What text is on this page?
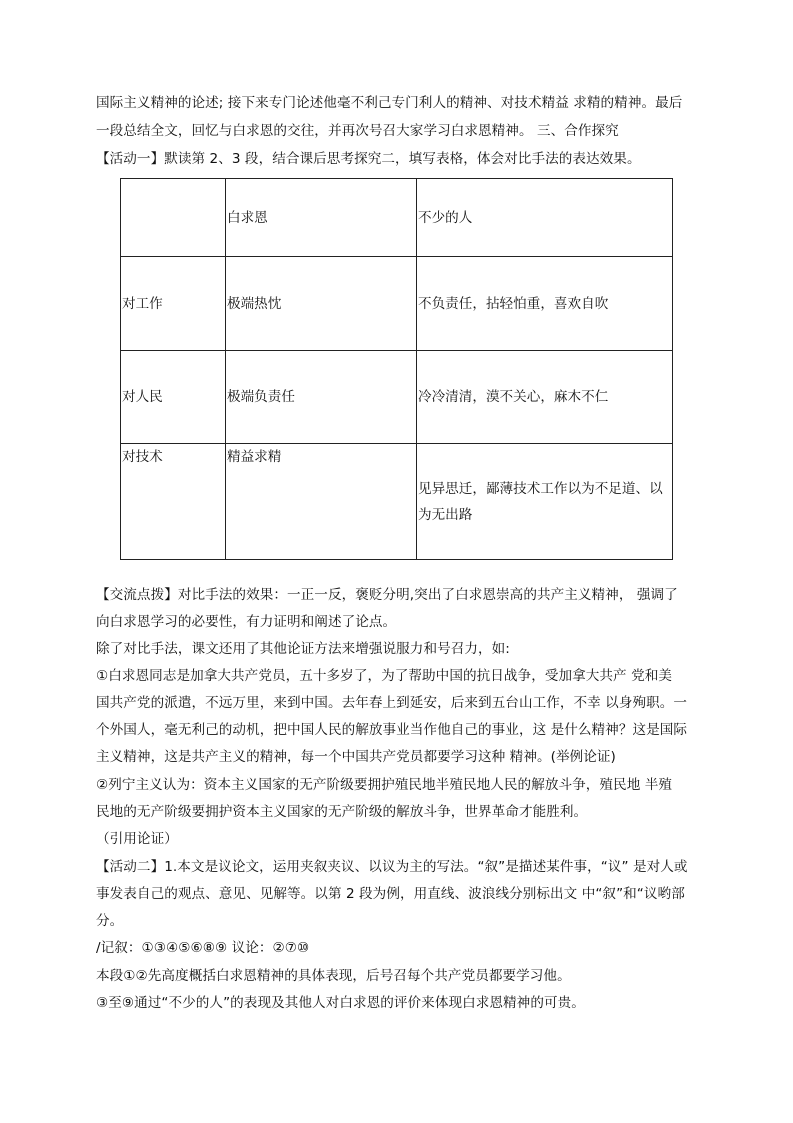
国际主义精神的论述; 接下来专门论述他毫不利己专门利人的精神、对技术精益 求精的精神。最后
一段总结全文，回忆与白求恩的交往，并再次号召大家学习白求恩精神。 三、合作探究
【活动一】默读第 2、3 段，结合课后思考探究二，填写表格，体会对比手法的表达效果。

	白求恩	不少的人

对工作	极端热忱	不负责任，拈轻怕重，喜欢自吹

对人民	极端负责任	冷冷清清，漠不关心，麻木不仁

对技术	精益求精	见异思迁，鄙薄技术工作以为不足道、以
为无出路
【交流点拨】对比手法的效果：一正一反，褒贬分明,突出了白求恩崇高的共产主义精神， 强调了
向白求恩学习的必要性，有力证明和阐述了论点。
除了对比手法，课文还用了其他论证方法来增强说服力和号召力，如:
①白求恩同志是加拿大共产党员，五十多岁了，为了帮助中国的抗日战争，受加拿大共产 党和美
国共产党的派遣，不远万里，来到中国。去年春上到延安，后来到五台山工作，不幸 以身殉职。一
个外国人，毫无利己的动机，把中国人民的解放事业当作他自己的事业，这 是什么精神？这是国际
主义精神，这是共产主义的精神，每一个中国共产党员都要学习这种 精神。(举例论证)
②列宁主义认为：资本主义国家的无产阶级要拥护殖民地半殖民地人民的解放斗争，殖民地 半殖
民地的无产阶级要拥护资本主义国家的无产阶级的解放斗争，世界革命才能胜利。
（引用论证）
【活动二】1.本文是议论文，运用夹叙夹议、以议为主的写法。“叙”是描述某件事，“议” 是对人或
事发表自己的观点、意见、见解等。以第 2 段为例，用直线、波浪线分别标出文 中“叙”和“议哟部
分。
/记叙：①③④⑤⑥⑧⑨ 议论：②⑦⑩
本段①②先高度概括白求恩精神的具体表现，后号召每个共产党员都要学习他。
③至⑨通过“不少的人”的表现及其他人对白求恩的评价来体现白求恩精神的可贵。
